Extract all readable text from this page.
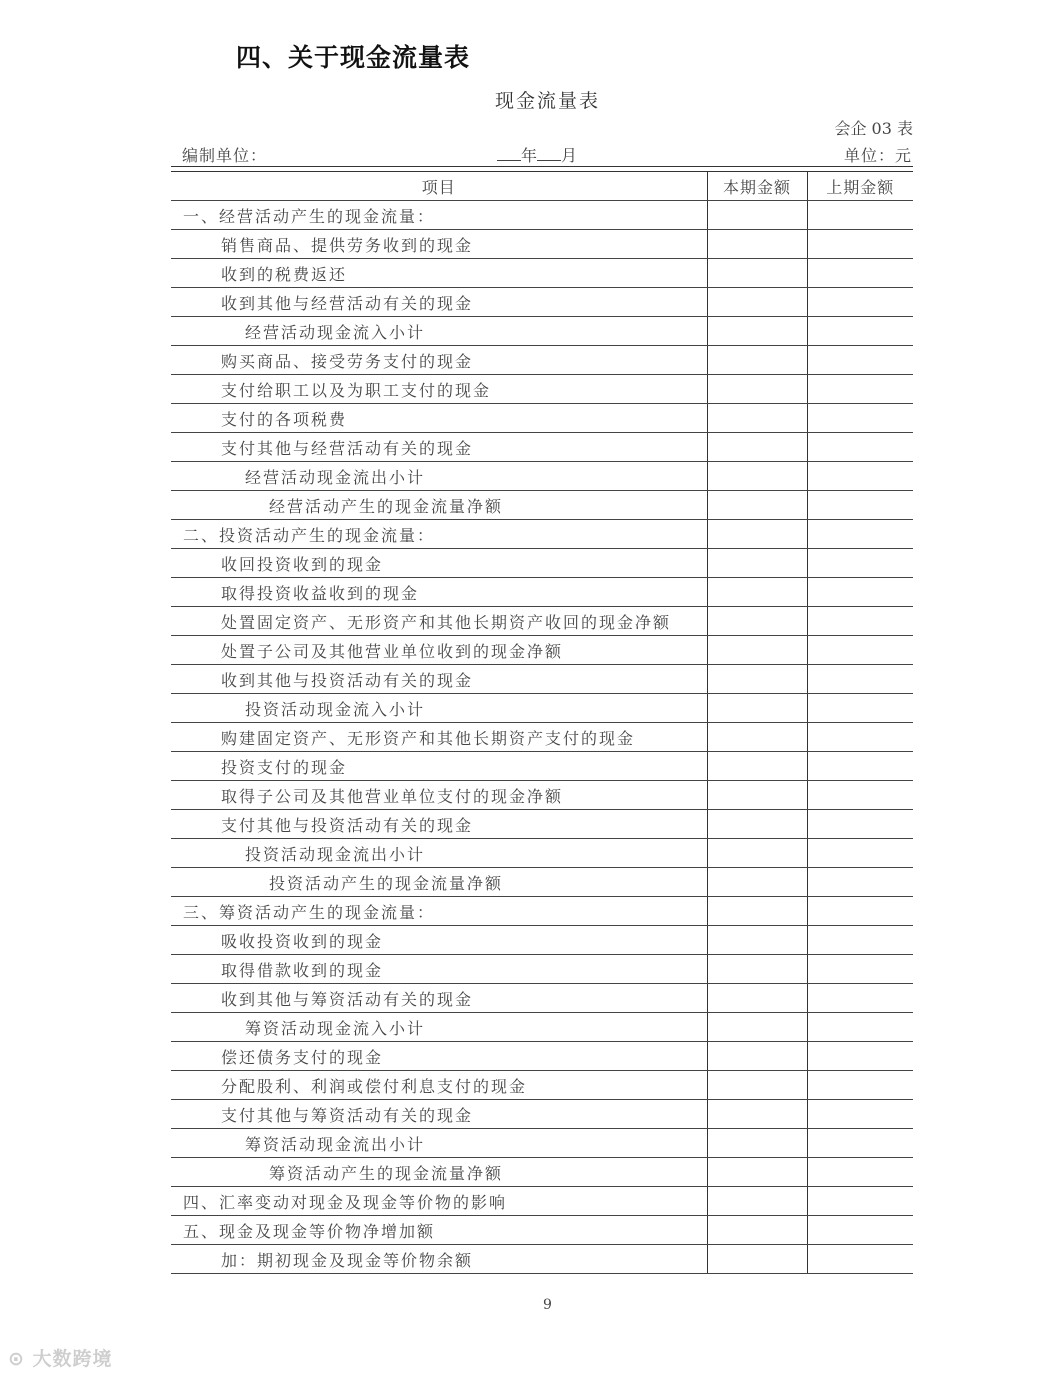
四、关于现金流量表
现金流量表
会企 03 表
编制单位：	年 月	单位：元
项目	本期金额	上期金额
一、经营活动产生的现金流量：		
销售商品、提供劳务收到的现金		
收到的税费返还		
收到其他与经营活动有关的现金		
经营活动现金流入小计		
购买商品、接受劳务支付的现金		
支付给职工以及为职工支付的现金		
支付的各项税费		
支付其他与经营活动有关的现金		
经营活动现金流出小计		
经营活动产生的现金流量净额		
二、投资活动产生的现金流量：		
收回投资收到的现金		
取得投资收益收到的现金		
处置固定资产、无形资产和其他长期资产收回的现金净额		
处置子公司及其他营业单位收到的现金净额		
收到其他与投资活动有关的现金		
投资活动现金流入小计		
购建固定资产、无形资产和其他长期资产支付的现金		
投资支付的现金		
取得子公司及其他营业单位支付的现金净额		
支付其他与投资活动有关的现金		
投资活动现金流出小计		
投资活动产生的现金流量净额		
三、筹资活动产生的现金流量：		
吸收投资收到的现金		
取得借款收到的现金		
收到其他与筹资活动有关的现金		
筹资活动现金流入小计		
偿还债务支付的现金		
分配股利、利润或偿付利息支付的现金		
支付其他与筹资活动有关的现金		
筹资活动现金流出小计		
筹资活动产生的现金流量净额		
四、汇率变动对现金及现金等价物的影响		
五、现金及现金等价物净增加额		
加：期初现金及现金等价物余额		
9
⊙ 大数跨境
